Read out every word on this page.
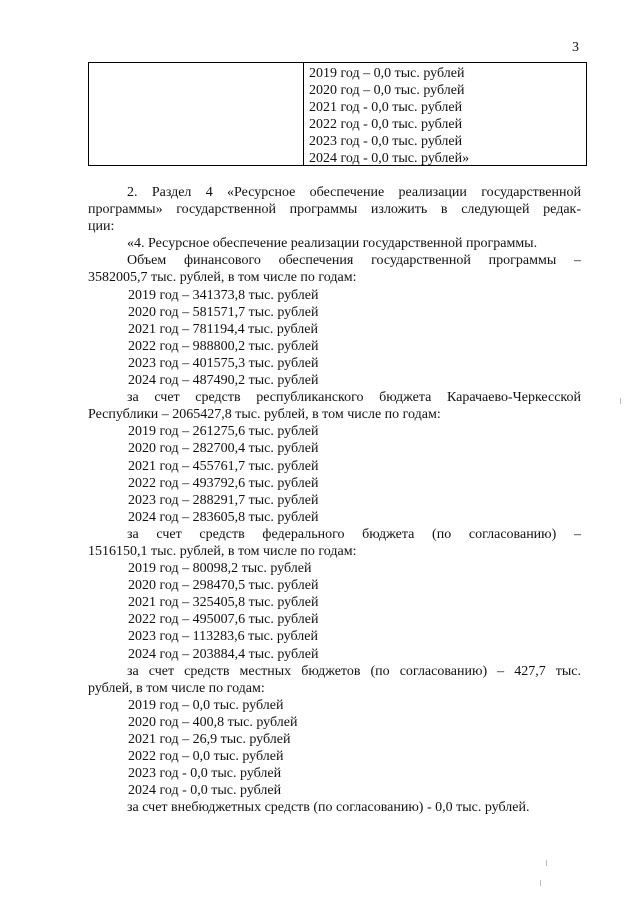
3
2019 год – 0,0 тыс. рублей
2020 год – 0,0 тыс. рублей
2021 год - 0,0 тыс. рублей
2022 год - 0,0 тыс. рублей
2023 год - 0,0 тыс. рублей
2024 год - 0,0 тыс. рублей»
2. Раздел 4 «Ресурсное обеспечение реализации государственной
программы» государственной программы изложить в следующей редак-
ции:
«4. Ресурсное обеспечение реализации государственной программы.
Объем финансового обеспечения государственной программы –
3582005,7 тыс. рублей, в том числе по годам:
2019 год – 341373,8 тыс. рублей
2020 год – 581571,7 тыс. рублей
2021 год – 781194,4 тыс. рублей
2022 год – 988800,2 тыс. рублей
2023 год – 401575,3 тыс. рублей
2024 год – 487490,2 тыс. рублей
за счет средств республиканского бюджета Карачаево-Черкесской
Республики – 2065427,8 тыс. рублей, в том числе по годам:
2019 год – 261275,6 тыс. рублей
2020 год – 282700,4 тыс. рублей
2021 год – 455761,7 тыс. рублей
2022 год – 493792,6 тыс. рублей
2023 год – 288291,7 тыс. рублей
2024 год – 283605,8 тыс. рублей
за счет средств федерального бюджета (по согласованию) –
1516150,1 тыс. рублей, в том числе по годам:
2019 год – 80098,2 тыс. рублей
2020 год – 298470,5 тыс. рублей
2021 год – 325405,8 тыс. рублей
2022 год – 495007,6 тыс. рублей
2023 год – 113283,6 тыс. рублей
2024 год – 203884,4 тыс. рублей
за счет средств местных бюджетов (по согласованию) – 427,7 тыс.
рублей, в том числе по годам:
2019 год – 0,0 тыс. рублей
2020 год – 400,8 тыс. рублей
2021 год – 26,9 тыс. рублей
2022 год – 0,0 тыс. рублей
2023 год - 0,0 тыс. рублей
2024 год - 0,0 тыс. рублей
за счет внебюджетных средств (по согласованию) - 0,0 тыс. рублей.
